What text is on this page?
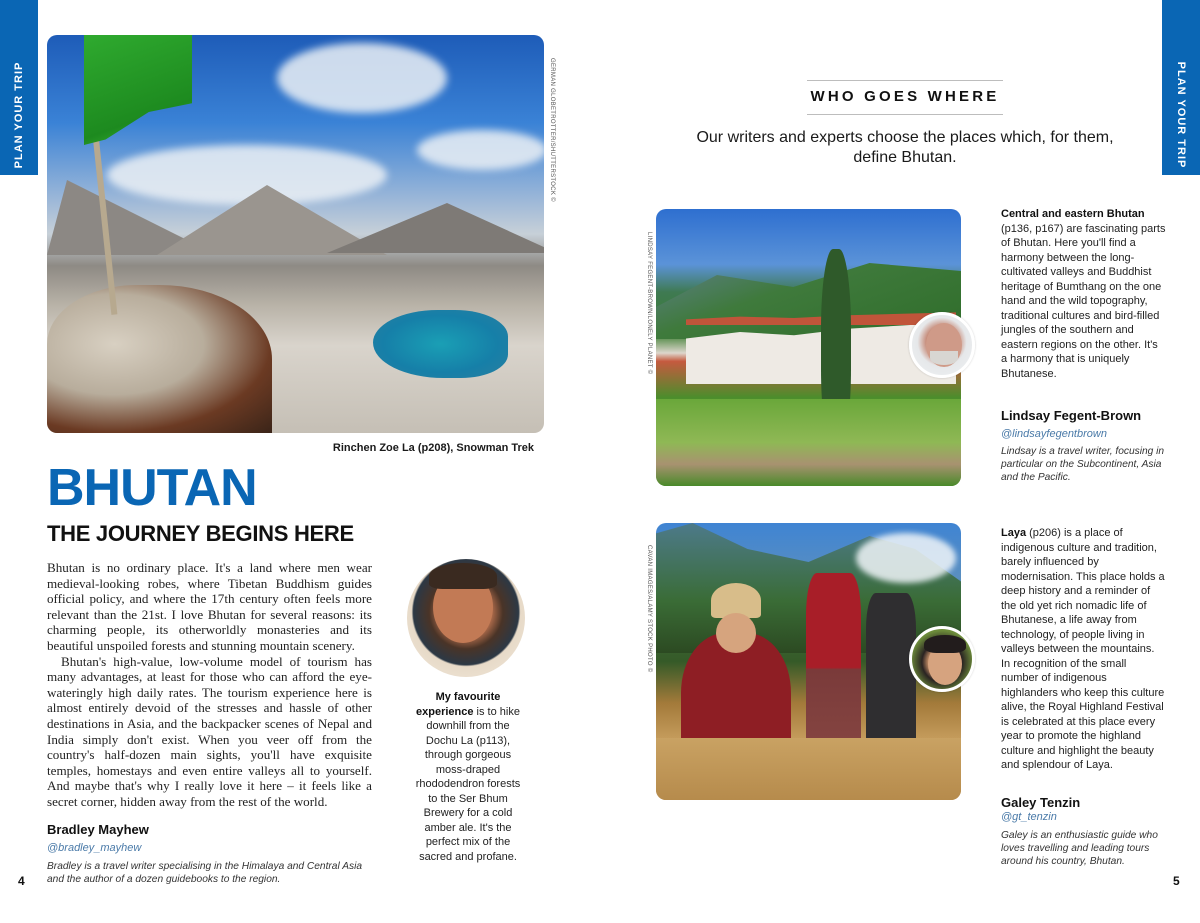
PLAN YOUR TRIP	GERMAN GLOBETROTTER/SHUTTERSTOCK ©
Rinchen Zoe La (p208), Snowman Trek
BHUTAN
THE JOURNEY BEGINS HERE

Bhutan is no ordinary place. It's a land where men wear medieval-looking robes, where Tibetan Buddhism guides official policy, and where the 17th century often feels more relevant than the 21st. I love Bhutan for several reasons: its charming people, its otherworldly monasteries and its beautiful unspoiled forests and stunning mountain scenery.

Bhutan's high-value, low-volume model of tourism has many advantages, at least for those who can afford the eye-wateringly high daily rates. The tourism experience here is almost entirely devoid of the stresses and hassle of other destinations in Asia, and the backpacker scenes of Nepal and India simply don't exist. When you veer off from the country's half-dozen main sights, you'll have exquisite temples, homestays and even entire valleys all to yourself. And maybe that's why I really love it here – it feels like a secret corner, hidden away from the rest of the world.

My favourite experience is to hike downhill from the Dochu La (p113), through gorgeous moss-draped rhododendron forests to the Ser Bhum Brewery for a cold amber ale. It's the perfect mix of the sacred and profane.
Bradley Mayhew
@bradley_mayhew
Bradley is a travel writer specialising in the Himalaya and Central Asia and the author of a dozen guidebooks to the region.
4
PLAN YOUR TRIP
WHO GOES WHERE
Our writers and experts choose the places which, for them, define Bhutan.
LINDSAY FEGENT-BROWN/LONELY PLANET ©
Central and eastern Bhutan (p136, p167) are fascinating parts of Bhutan. Here you'll find a harmony between the long-cultivated valleys and Buddhist heritage of Bumthang on the one hand and the wild topography, traditional cultures and bird-filled jungles of the southern and eastern regions on the other. It's a harmony that is uniquely Bhutanese.
Lindsay Fegent-Brown
@lindsayfegentbrown
Lindsay is a travel writer, focusing in particular on the Subcontinent, Asia and the Pacific.
CAVAN IMAGES/ALAMY STOCK PHOTO ©
Laya (p206) is a place of indigenous culture and tradition, barely influenced by modernisation. This place holds a deep history and a reminder of the old yet rich nomadic life of Bhutanese, a life away from technology, of people living in valleys between the mountains. In recognition of the small number of indigenous highlanders who keep this culture alive, the Royal Highland Festival is celebrated at this place every year to promote the highland culture and highlight the beauty and splendour of Laya.
Galey Tenzin
@gt_tenzin
Galey is an enthusiastic guide who loves travelling and leading tours around his country, Bhutan.
5
